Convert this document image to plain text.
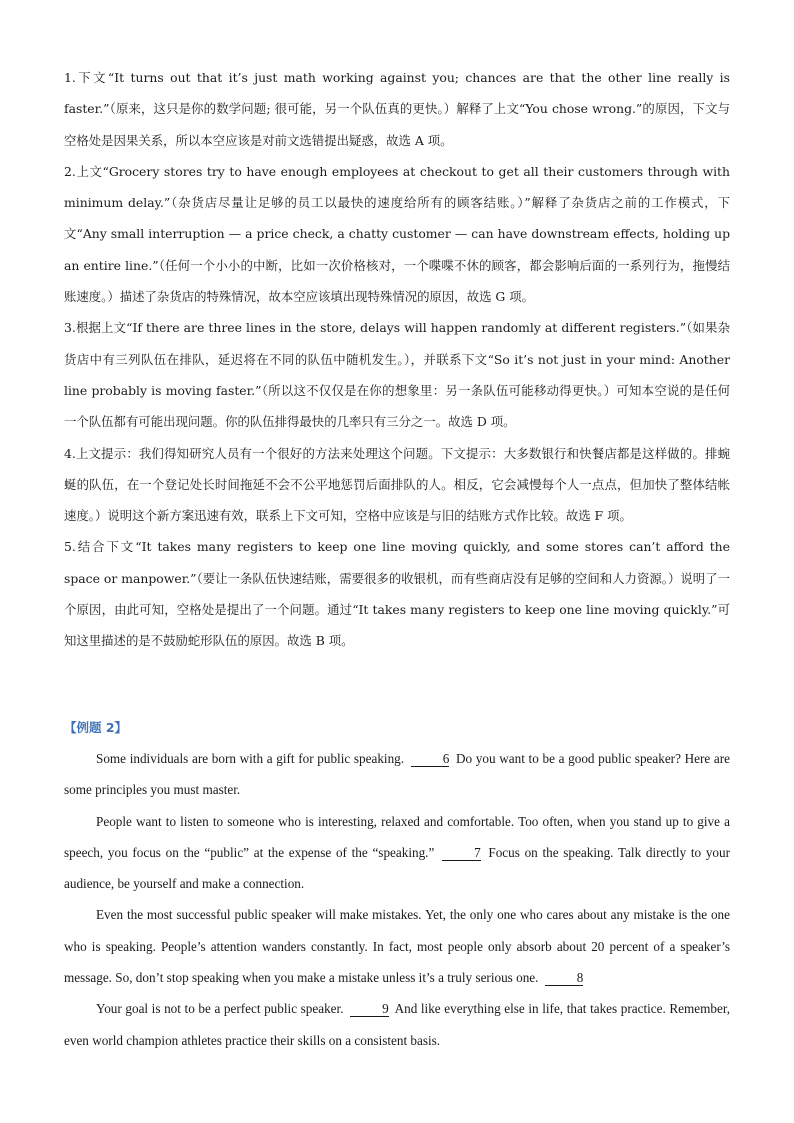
1.下文“It turns out that it’s just math working against you; chances are that the other line really is faster.”（原来，这只是你的数学问题; 很可能，另一个队伍真的更快。）解释了上文“You chose wrong.”的原因，下文与空格处是因果关系，所以本空应该是对前文选错提出疑惑，故选 A 项。

2.上文“Grocery stores try to have enough employees at checkout to get all their customers through with minimum delay.”（杂货店尽量让足够的员工以最快的速度给所有的顾客结账。）”解释了杂货店之前的工作模式，下文“Any small interruption — a price check, a chatty customer — can have downstream effects, holding up an entire line.”（任何一个小小的中断，比如一次价格核对，一个喋喋不休的顾客，都会影响后面的一系列行为，拖慢结账速度。）描述了杂货店的特殊情况，故本空应该填出现特殊情况的原因，故选 G 项。

3.根据上文“If there are three lines in the store, delays will happen randomly at different registers.”（如果杂货店中有三列队伍在排队，延迟将在不同的队伍中随机发生。），并联系下文“So it’s not just in your mind: Another line probably is moving faster.”（所以这不仅仅是在你的想象里：另一条队伍可能移动得更快。）可知本空说的是任何一个队伍都有可能出现问题。你的队伍排得最快的几率只有三分之一。故选 D 项。

4.上文提示：我们得知研究人员有一个很好的方法来处理这个问题。下文提示：大多数银行和快餐店都是这样做的。排蜿蜒的队伍，在一个登记处长时间拖延不会不公平地惩罚后面排队的人。相反，它会减慢每个人一点点，但加快了整体结帐速度。）说明这个新方案迅速有效，联系上下文可知，空格中应该是与旧的结账方式作比较。故选 F 项。

5.结合下文“It takes many registers to keep one line moving quickly, and some stores can’t afford the space or manpower.”（要让一条队伍快速结账，需要很多的收银机，而有些商店没有足够的空间和人力资源。）说明了一个原因，由此可知，空格处是提出了一个问题。通过“It takes many registers to keep one line moving quickly.”可知这里描述的是不鼓励蛇形队伍的原因。故选 B 项。

【例题 2】

Some individuals are born with a gift for public speaking.	6 Do you want to be a good public speaker? Here are some principles you must master.

People want to listen to someone who is interesting, relaxed and comfortable. Too often, when you stand up to give a speech, you focus on the “public” at the expense of the “speaking.”	7 Focus on the speaking. Talk directly to your audience, be yourself and make a connection.

Even the most successful public speaker will make mistakes. Yet, the only one who cares about any mistake is the one who is speaking. People’s attention wanders constantly. In fact, most people only absorb about 20 percent of a speaker’s message. So, don’t stop speaking when you make a mistake unless it’s a truly serious one.	8

Your goal is not to be a perfect public speaker.	9 And like everything else in life, that takes practice. Remember, even world champion athletes practice their skills on a consistent basis.
